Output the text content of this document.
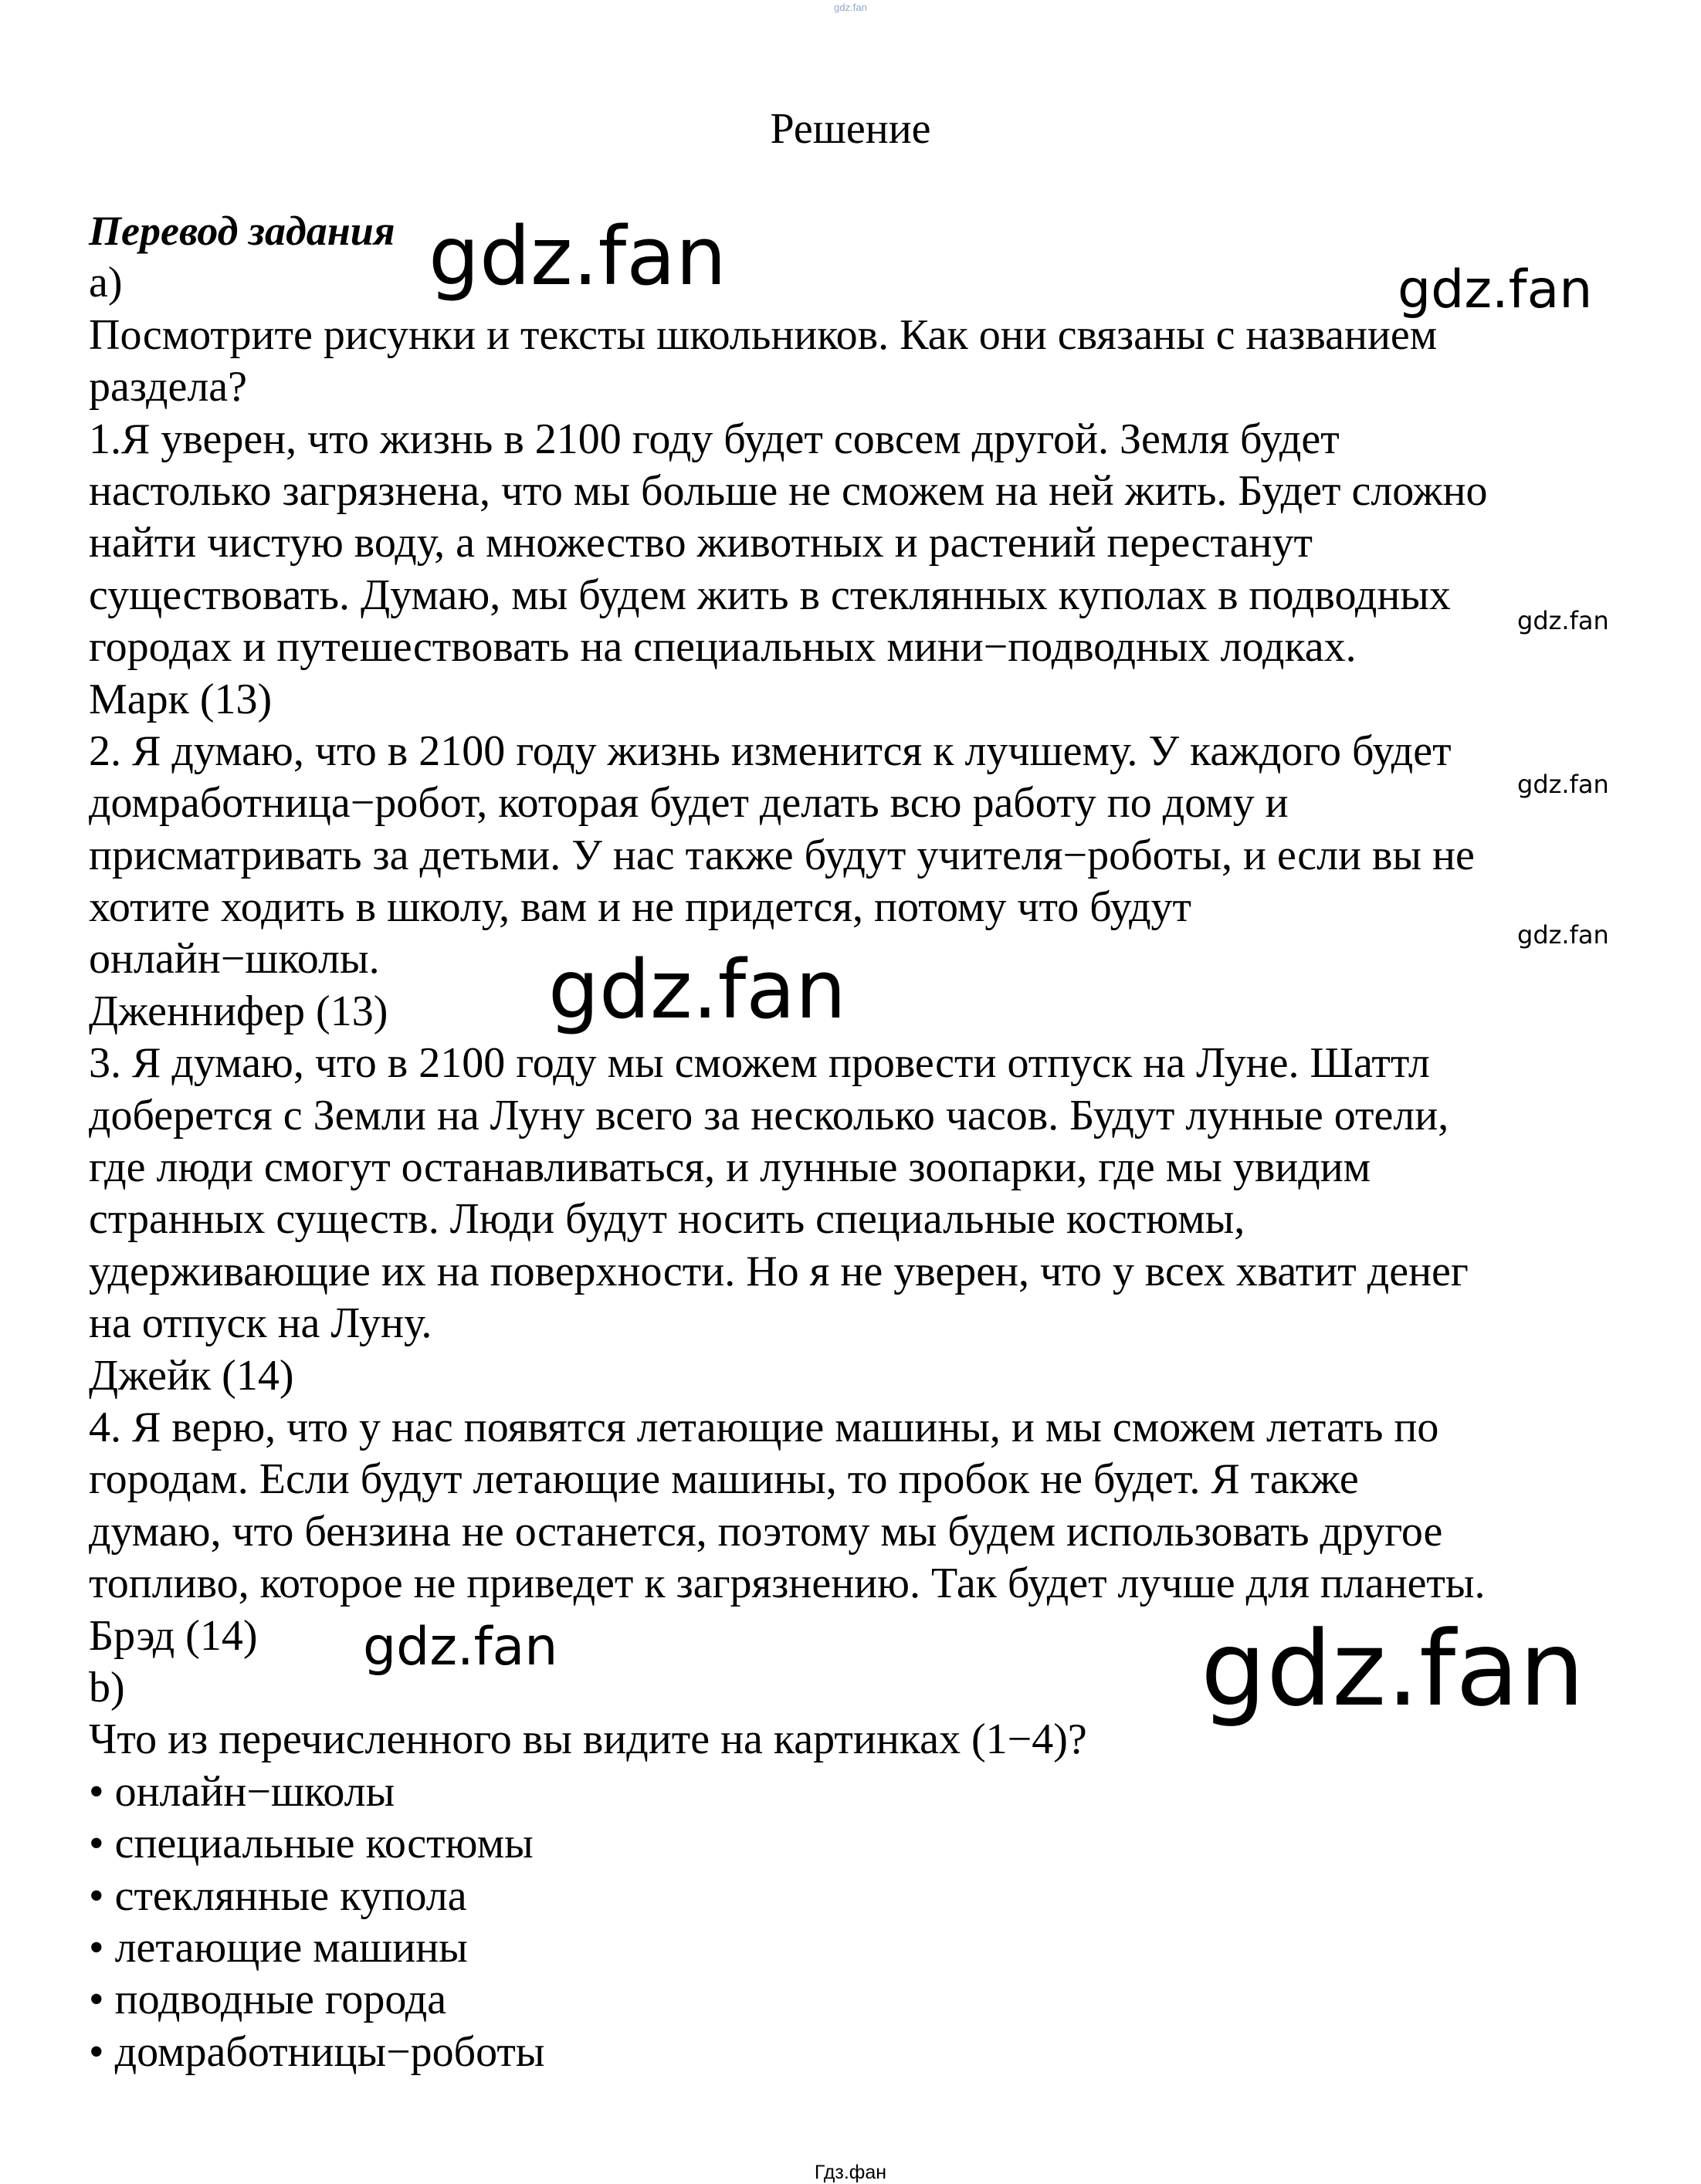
gdz.fan
Решение
Перевод задания
а)
Посмотрите рисунки и тексты школьников. Как они связаны с названием
раздела?
1.Я уверен, что жизнь в 2100 году будет совсем другой. Земля будет
настолько загрязнена, что мы больше не сможем на ней жить. Будет сложно
найти чистую воду, а множество животных и растений перестанут
существовать. Думаю, мы будем жить в стеклянных куполах в подводных
городах и путешествовать на специальных мини−подводных лодках.
Марк (13)
2. Я думаю, что в 2100 году жизнь изменится к лучшему. У каждого будет
домработница−робот, которая будет делать всю работу по дому и
присматривать за детьми. У нас также будут учителя−роботы, и если вы не
хотите ходить в школу, вам и не придется, потому что будут
онлайн−школы.
Дженнифер (13)
3. Я думаю, что в 2100 году мы сможем провести отпуск на Луне. Шаттл
доберется с Земли на Луну всего за несколько часов. Будут лунные отели,
где люди смогут останавливаться, и лунные зоопарки, где мы увидим
странных существ. Люди будут носить специальные костюмы,
удерживающие их на поверхности. Но я не уверен, что у всех хватит денег
на отпуск на Луну.
Джейк (14)
4. Я верю, что у нас появятся летающие машины, и мы сможем летать по
городам. Если будут летающие машины, то пробок не будет. Я также
думаю, что бензина не останется, поэтому мы будем использовать другое
топливо, которое не приведет к загрязнению. Так будет лучше для планеты.
Брэд (14)
b)
Что из перечисленного вы видите на картинках (1−4)?
• онлайн−школы
• специальные костюмы
• стеклянные купола
• летающие машины
• подводные города
• домработницы−роботы
gdz.fan	gdz.fan
gdz.fan
gdz.fan
gdz.fan
gdz.fan
gdz.fan	gdz.fan
Гдз.фан
